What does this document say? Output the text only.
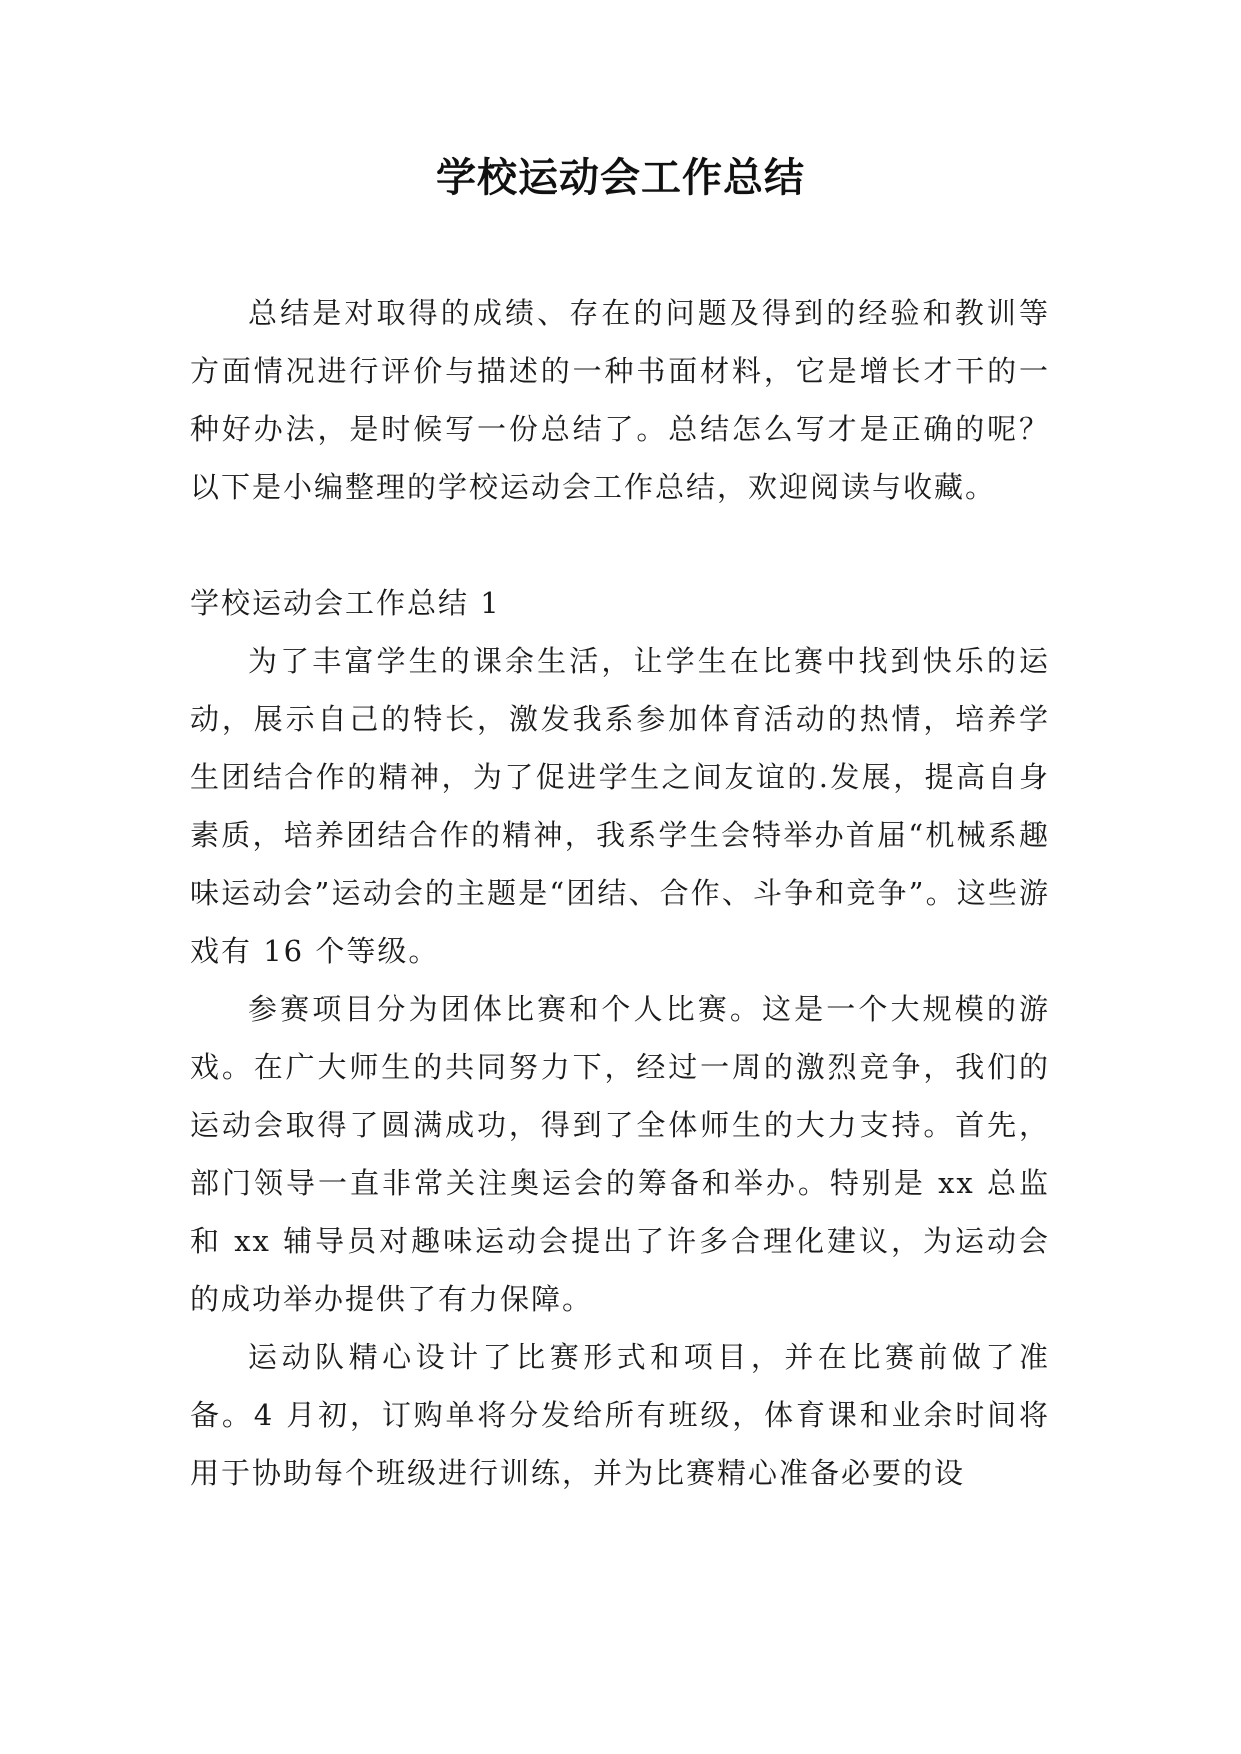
学校运动会工作总结

总结是对取得的成绩、存在的问题及得到的经验和教训等方面情况进行评价与描述的一种书面材料，它是增长才干的一种好办法，是时候写一份总结了。总结怎么写才是正确的呢？以下是小编整理的学校运动会工作总结，欢迎阅读与收藏。

学校运动会工作总结 1

为了丰富学生的课余生活，让学生在比赛中找到快乐的运动，展示自己的特长，激发我系参加体育活动的热情，培养学生团结合作的精神，为了促进学生之间友谊的.发展，提高自身素质，培养团结合作的精神，我系学生会特举办首届“机械系趣味运动会”运动会的主题是“团结、合作、斗争和竞争”。这些游戏有 16 个等级。

参赛项目分为团体比赛和个人比赛。这是一个大规模的游戏。在广大师生的共同努力下，经过一周的激烈竞争，我们的运动会取得了圆满成功，得到了全体师生的大力支持。首先，部门领导一直非常关注奥运会的筹备和举办。特别是 xx 总监和 xx 辅导员对趣味运动会提出了许多合理化建议，为运动会的成功举办提供了有力保障。

运动队精心设计了比赛形式和项目，并在比赛前做了准备。4 月初，订购单将分发给所有班级，体育课和业余时间将用于协助每个班级进行训练，并为比赛精心准备必要的设
